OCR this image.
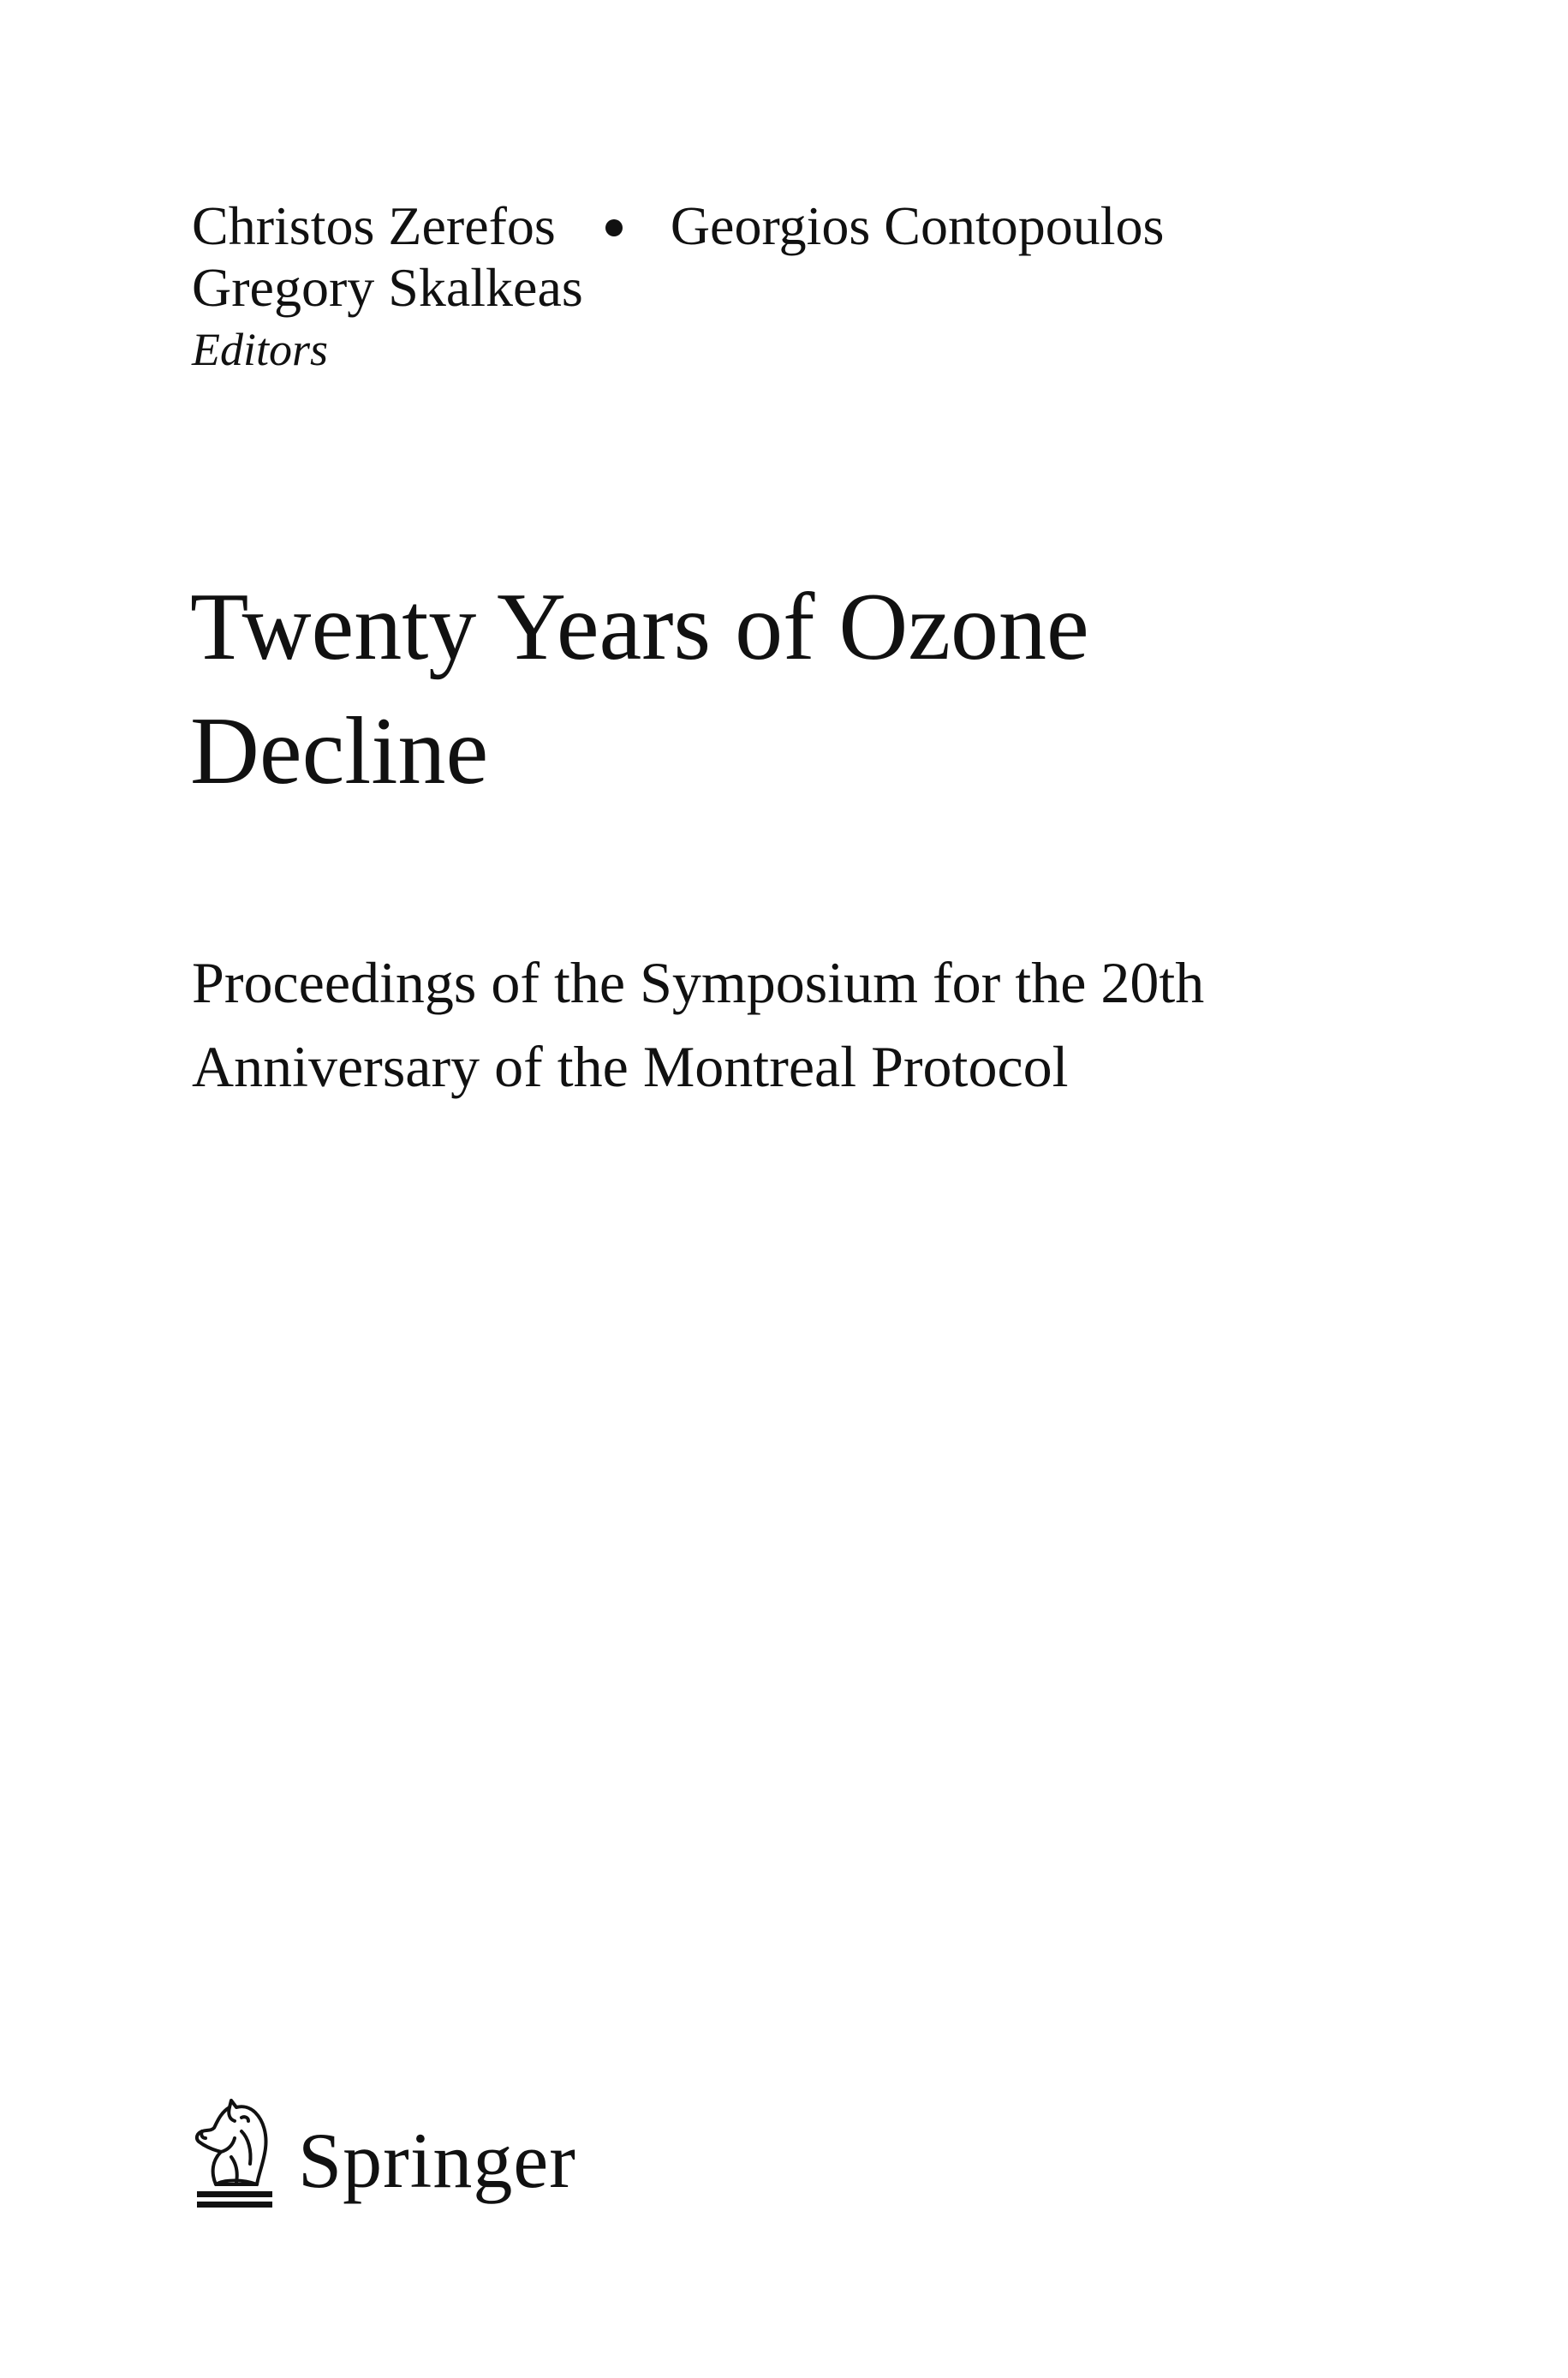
Christos Zerefos Georgios Contopoulos
Gregory Skalkeas
Editors
Twenty Years of Ozone
Decline
Proceedings of the Symposium for the 20th
Anniversary of the Montreal Protocol
Springer
